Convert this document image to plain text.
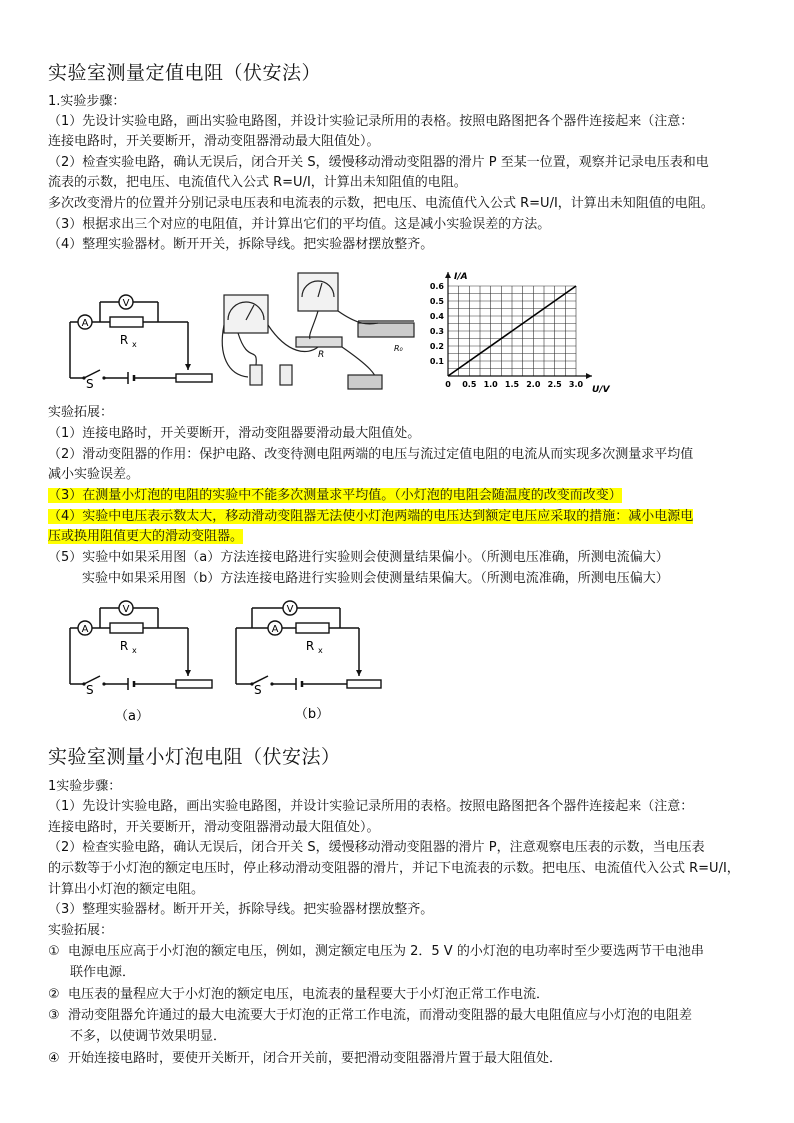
实验室测量定值电阻（伏安法）
1.实验步骤：
（1）先设计实验电路，画出实验电路图，并设计实验记录所用的表格。按照电路图把各个器件连接起来（注意：
连接电路时，开关要断开，滑动变阻器滑动最大阻值处）。
（2）检查实验电路，确认无误后，闭合开关 S，缓慢移动滑动变阻器的滑片 P 至某一位置，观察并记录电压表和电
流表的示数，把电压、电流值代入公式 R=U/I，计算出未知阻值的电阻。
多次改变滑片的位置并分别记录电压表和电流表的示数，把电压、电流值代入公式 R=U/I，计算出未知阻值的电阻。
（3）根据求出三个对应的电阻值，并计算出它们的平均值。这是减小实验误差的方法。
（4）整理实验器材。断开开关，拆除导线。把实验器材摆放整齐。
A
V
R x
S
R
R₀
0 0.5 1.0 1.5 2.0 2.5 3.0
0.1
0.2
0.3
0.4
0.5
0.6
I/A
U/V
实验拓展：
（1）连接电路时，开关要断开，滑动变阻器要滑动最大阻值处。
（2）滑动变阻器的作用：保护电路、改变待测电阻两端的电压与流过定值电阻的电流从而实现多次测量求平均值
减小实验误差。
（3）在测量小灯泡的电阻的实验中不能多次测量求平均值。（小灯泡的电阻会随温度的改变而改变）
（4）实验中电压表示数太大，移动滑动变阻器无法使小灯泡两端的电压达到额定电压应采取的措施：减小电源电
压或换用阻值更大的滑动变阻器。
（5）实验中如果采用图（a）方法连接电路进行实验则会使测量结果偏小。（所测电压准确，所测电流偏大）
实验中如果采用图（b）方法连接电路进行实验则会使测量结果偏大。（所测电流准确，所测电压偏大）
A
V
R x
S
（a）
A
V
R x
S
（b）
实验室测量小灯泡电阻（伏安法）
1实验步骤：
（1）先设计实验电路，画出实验电路图，并设计实验记录所用的表格。按照电路图把各个器件连接起来（注意：
连接电路时，开关要断开，滑动变阻器滑动最大阻值处）。
（2）检查实验电路，确认无误后，闭合开关 S，缓慢移动滑动变阻器的滑片 P，注意观察电压表的示数，当电压表
的示数等于小灯泡的额定电压时，停止移动滑动变阻器的滑片，并记下电流表的示数。把电压、电流值代入公式 R=U/I，
计算出小灯泡的额定电阻。
（3）整理实验器材。断开开关，拆除导线。把实验器材摆放整齐。
实验拓展：
① 电源电压应高于小灯泡的额定电压，例如，测定额定电压为 2．5 V 的小灯泡的电功率时至少要选两节干电池串
联作电源．
② 电压表的量程应大于小灯泡的额定电压，电流表的量程要大于小灯泡正常工作电流．
③ 滑动变阻器允许通过的最大电流要大于灯泡的正常工作电流，而滑动变阻器的最大电阻值应与小灯泡的电阻差
不多，以使调节效果明显．
④ 开始连接电路时，要使开关断开，闭合开关前，要把滑动变阻器滑片置于最大阻值处．
